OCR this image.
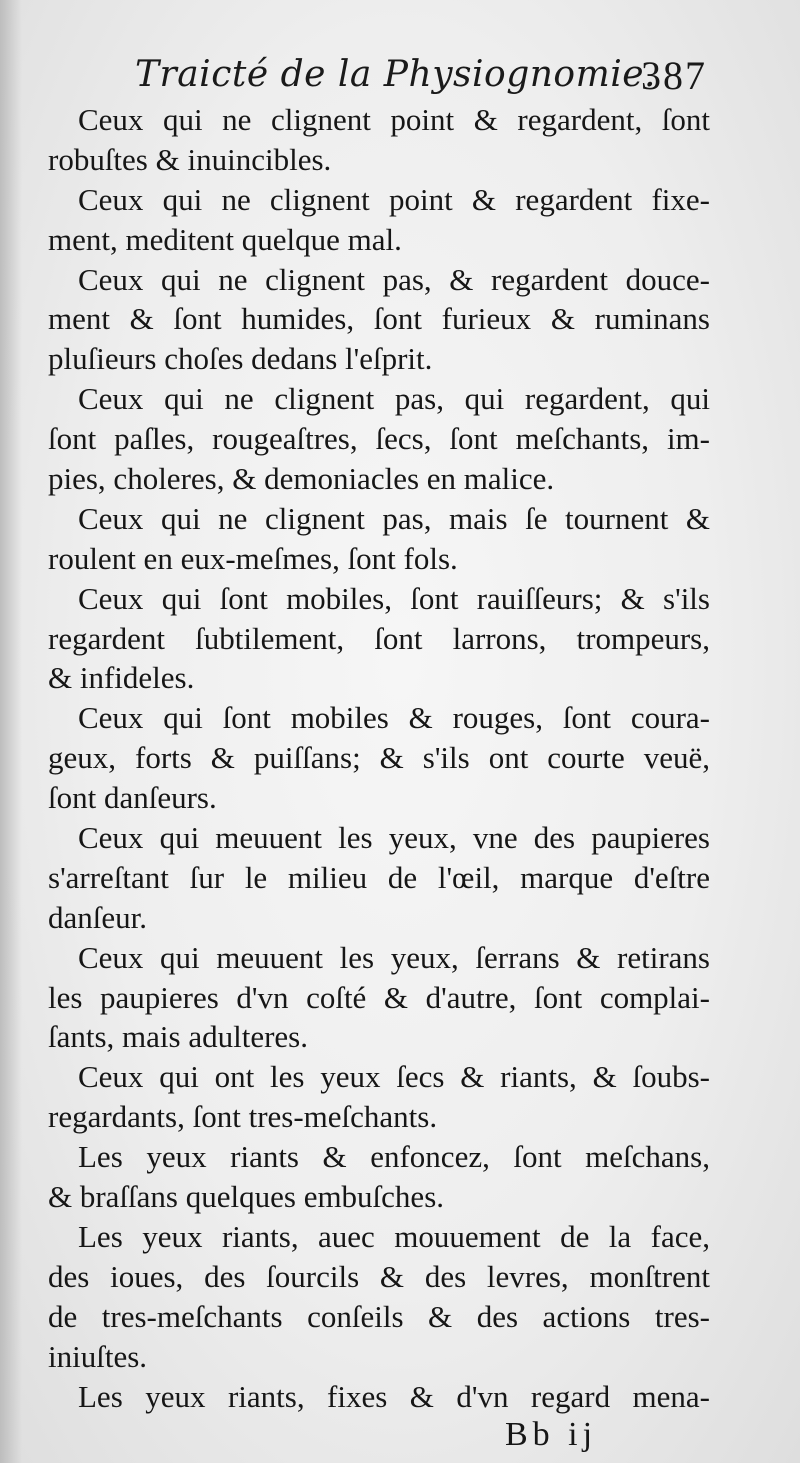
Traicté de la Physiognomie.
387
Ceux qui ne clignent point & regardent, ſont
robuſtes & inuincibles.
Ceux qui ne clignent point & regardent fixe-
ment, meditent quelque mal.
Ceux qui ne clignent pas, & regardent douce-
ment & ſont humides, ſont furieux & ruminans
pluſieurs choſes dedans l'eſprit.
Ceux qui ne clignent pas, qui regardent, qui
ſont paſles, rougeaſtres, ſecs, ſont meſchants, im-
pies, choleres, & demoniacles en malice.
Ceux qui ne clignent pas, mais ſe tournent &
roulent en eux-meſmes, ſont fols.
Ceux qui ſont mobiles, ſont rauiſſeurs; & s'ils
regardent ſubtilement, ſont larrons, trompeurs,
& infideles.
Ceux qui ſont mobiles & rouges, ſont coura-
geux, forts & puiſſans; & s'ils ont courte veuë,
ſont danſeurs.
Ceux qui meuuent les yeux, vne des paupieres
s'arreſtant ſur le milieu de l'œil, marque d'eſtre
danſeur.
Ceux qui meuuent les yeux, ſerrans & retirans
les paupieres d'vn coſté & d'autre, ſont complai-
ſants, mais adulteres.
Ceux qui ont les yeux ſecs & riants, & ſoubs-
regardants, ſont tres-meſchants.
Les yeux riants & enfoncez, ſont meſchans,
& braſſans quelques embuſches.
Les yeux riants, auec mouuement de la face,
des ioues, des ſourcils & des levres, monſtrent
de tres-meſchants conſeils & des actions tres-
iniuſtes.
Les yeux riants, fixes & d'vn regard mena-
Bb ij
